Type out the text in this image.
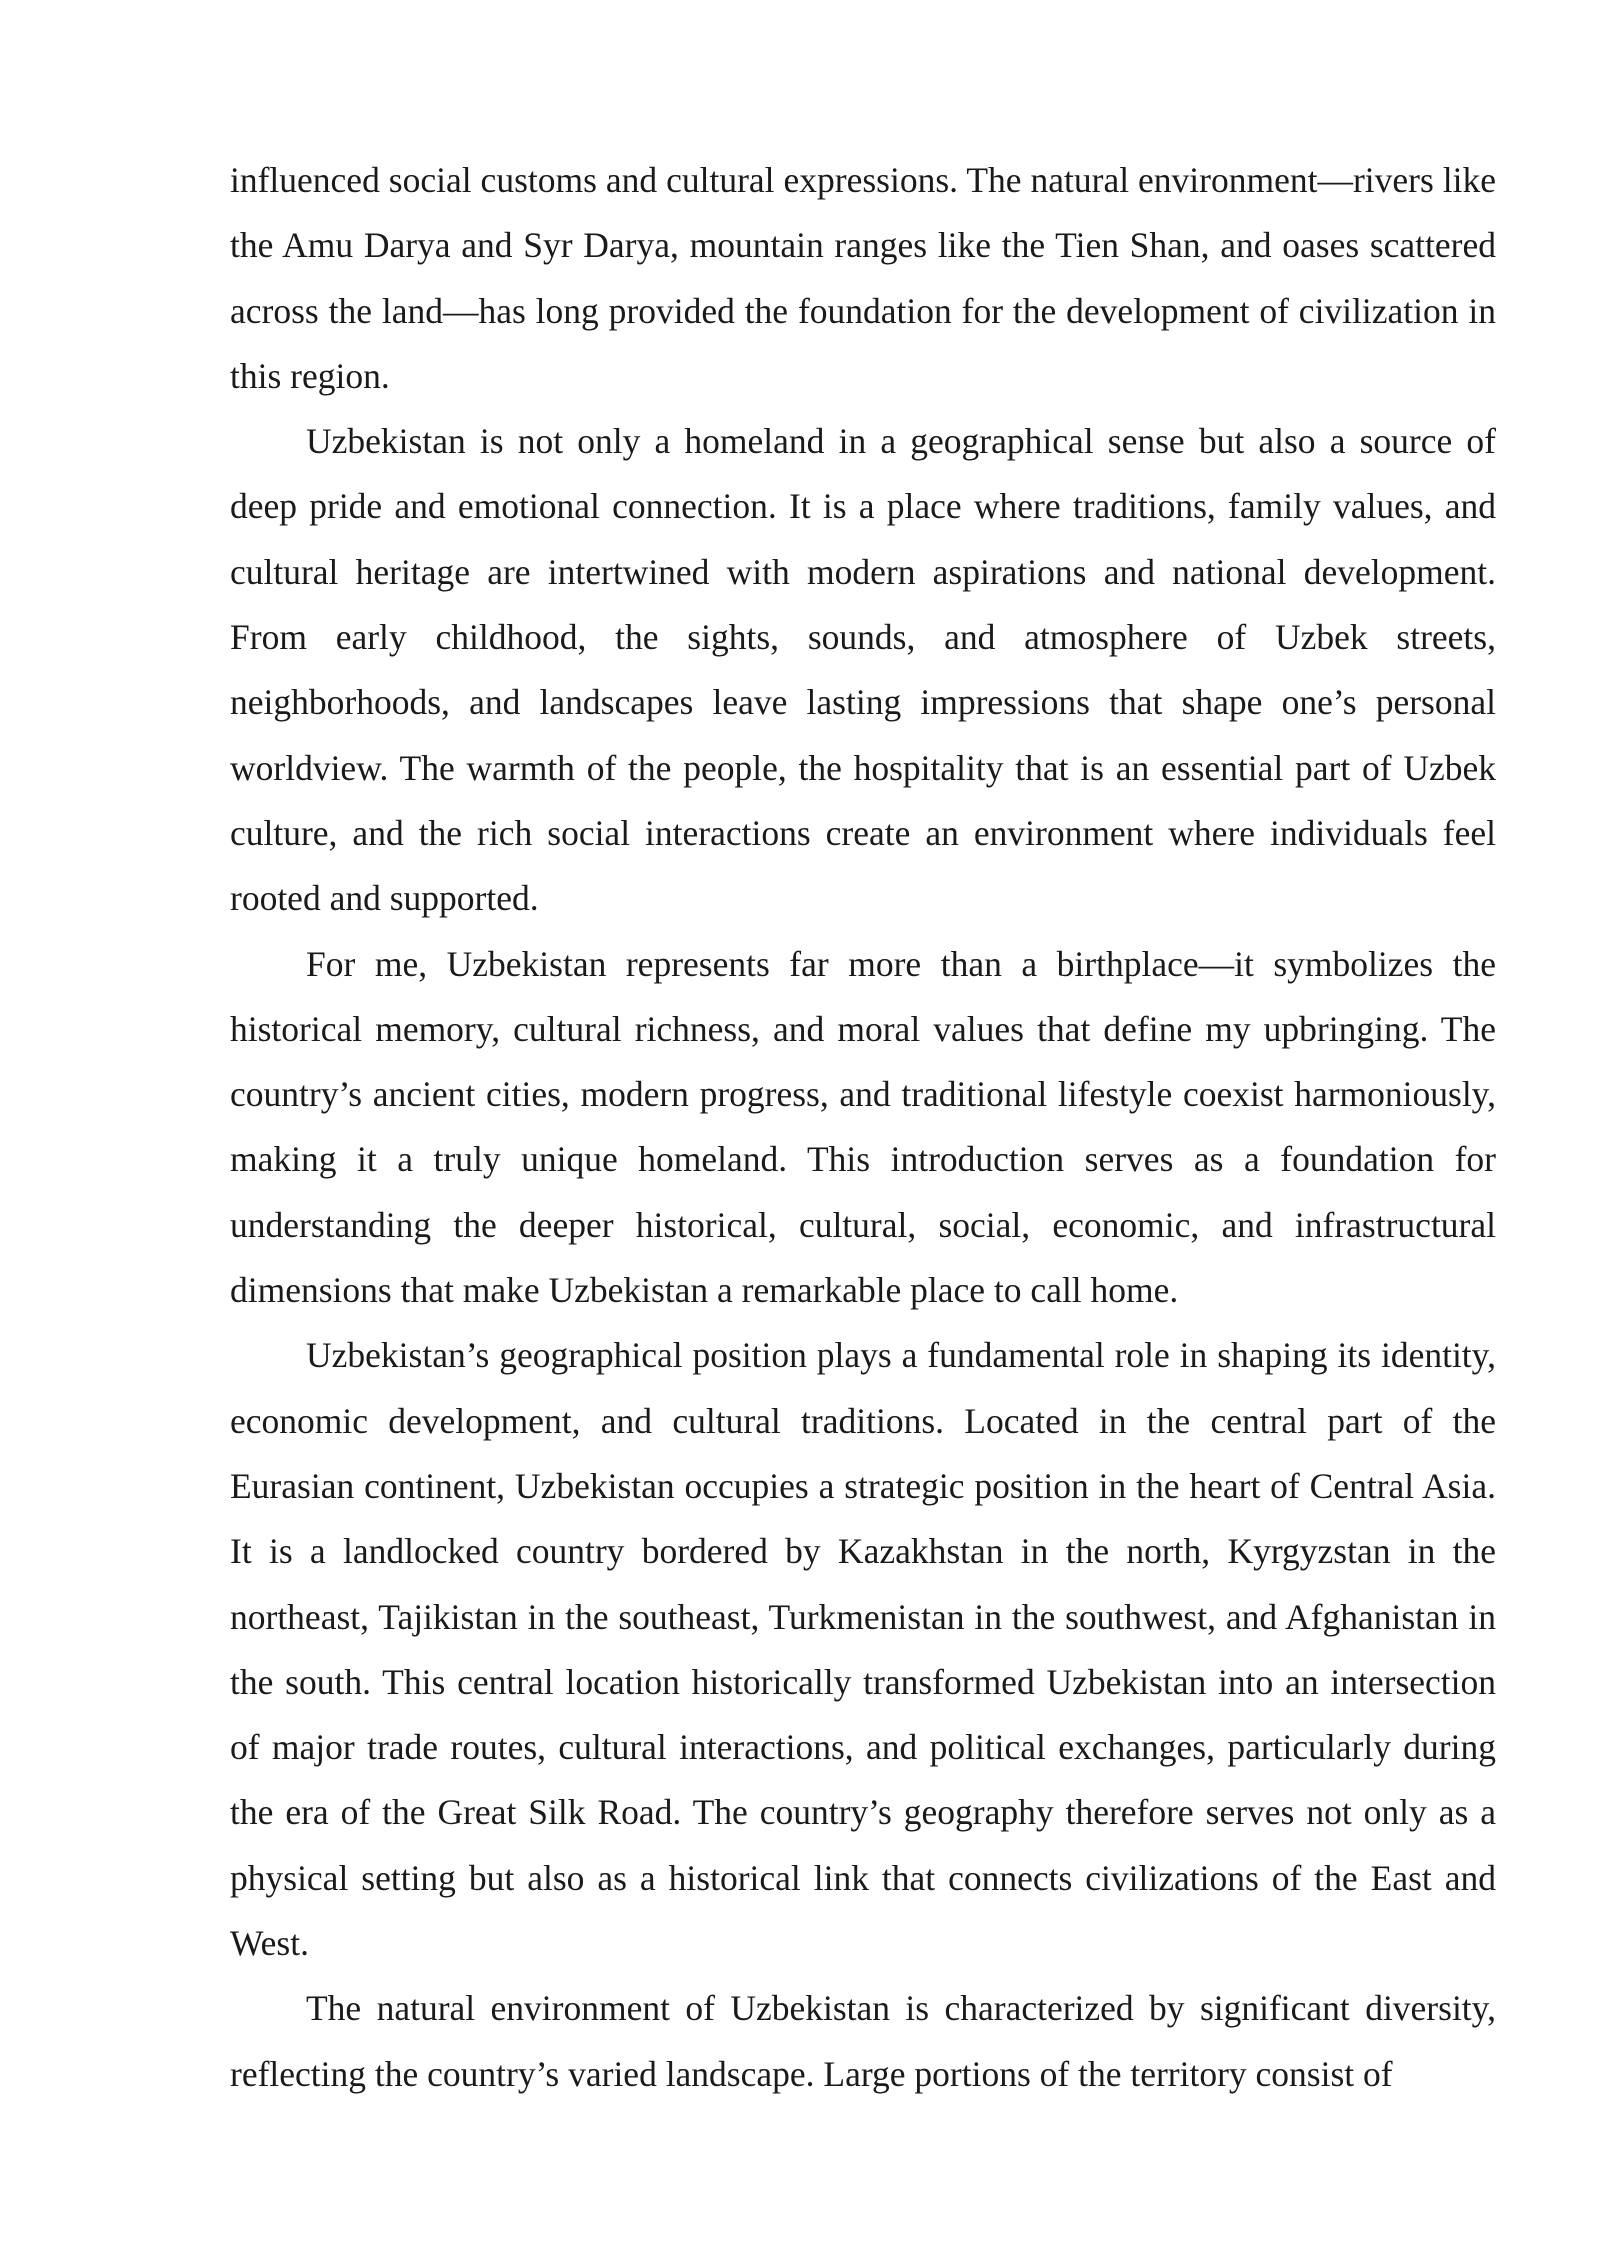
influenced social customs and cultural expressions. The natural environment—rivers like the Amu Darya and Syr Darya, mountain ranges like the Tien Shan, and oases scattered across the land—has long provided the foundation for the development of civilization in this region.

Uzbekistan is not only a homeland in a geographical sense but also a source of deep pride and emotional connection. It is a place where traditions, family values, and cultural heritage are intertwined with modern aspirations and national development. From early childhood, the sights, sounds, and atmosphere of Uzbek streets, neighborhoods, and landscapes leave lasting impressions that shape one’s personal worldview. The warmth of the people, the hospitality that is an essential part of Uzbek culture, and the rich social interactions create an environment where individuals feel rooted and supported.

For me, Uzbekistan represents far more than a birthplace—it symbolizes the historical memory, cultural richness, and moral values that define my upbringing. The country’s ancient cities, modern progress, and traditional lifestyle coexist harmoniously, making it a truly unique homeland. This introduction serves as a foundation for understanding the deeper historical, cultural, social, economic, and infrastructural dimensions that make Uzbekistan a remarkable place to call home.

Uzbekistan’s geographical position plays a fundamental role in shaping its identity, economic development, and cultural traditions. Located in the central part of the Eurasian continent, Uzbekistan occupies a strategic position in the heart of Central Asia. It is a landlocked country bordered by Kazakhstan in the north, Kyrgyzstan in the northeast, Tajikistan in the southeast, Turkmenistan in the southwest, and Afghanistan in the south. This central location historically transformed Uzbekistan into an intersection of major trade routes, cultural interactions, and political exchanges, particularly during the era of the Great Silk Road. The country’s geography therefore serves not only as a physical setting but also as a historical link that connects civilizations of the East and West.

The natural environment of Uzbekistan is characterized by significant diversity, reflecting the country’s varied landscape. Large portions of the territory consist of
